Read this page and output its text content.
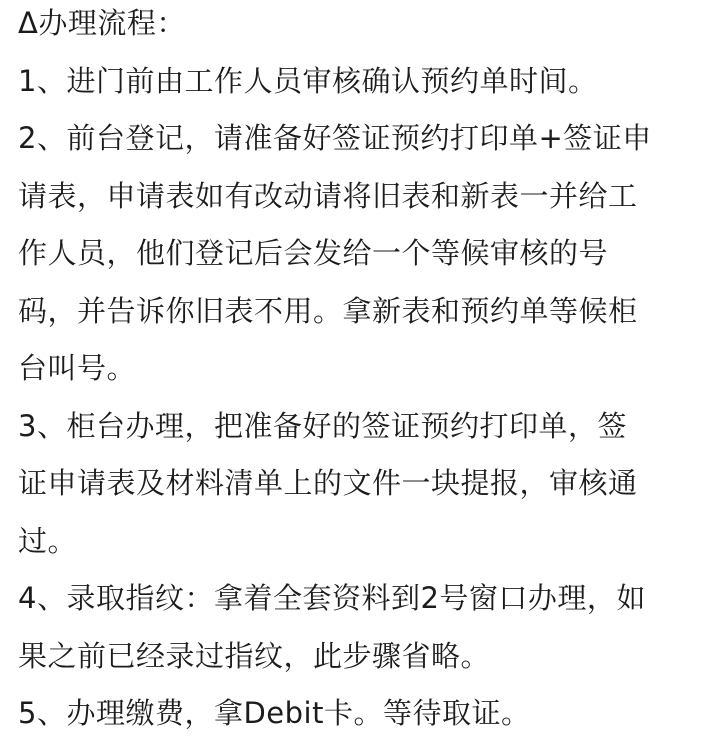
Δ办理流程：
1、进门前由工作人员审核确认预约单时间。
2、前台登记，请准备好签证预约打印单+签证申
请表，申请表如有改动请将旧表和新表一并给工
作人员，他们登记后会发给一个等候审核的号
码，并告诉你旧表不用。拿新表和预约单等候柜
台叫号。
3、柜台办理，把准备好的签证预约打印单，签
证申请表及材料清单上的文件一块提报，审核通
过。
4、录取指纹：拿着全套资料到2号窗口办理，如
果之前已经录过指纹，此步骤省略。
5、办理缴费，拿Debit卡。等待取证。
